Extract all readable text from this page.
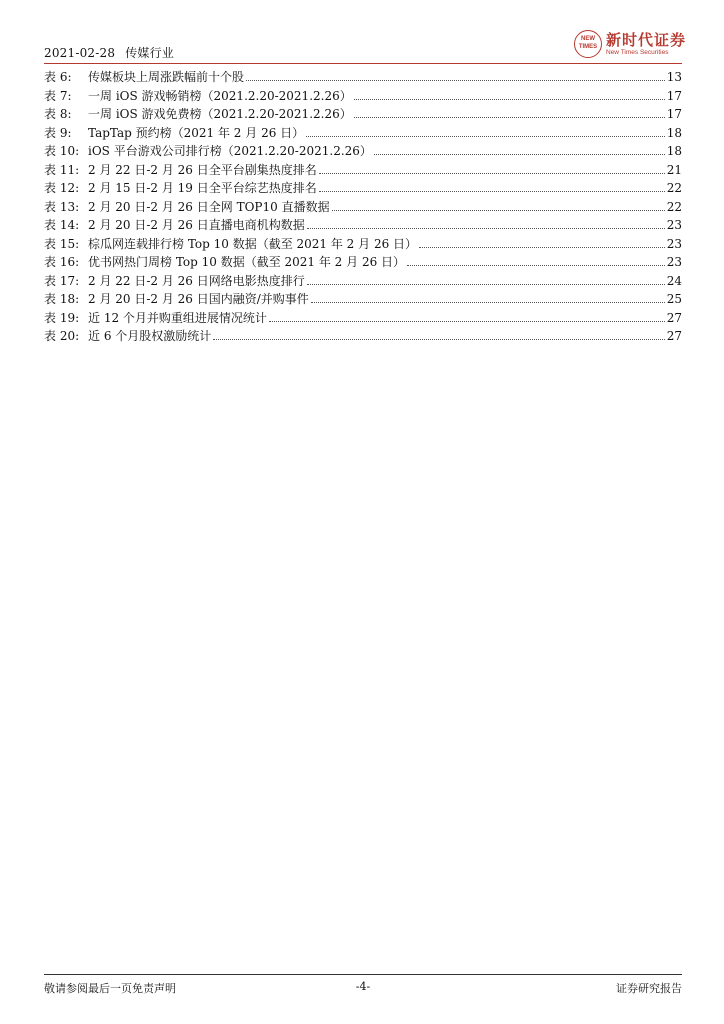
2021-02-28 传媒行业
NEW
TIMES 新时代证券
New Times Securities
表 6:	传媒板块上周涨跌幅前十个股	13
表 7:	一周 iOS 游戏畅销榜（2021.2.20-2021.2.26）	17
表 8:	一周 iOS 游戏免费榜（2021.2.20-2021.2.26）	17
表 9:	TapTap 预约榜（2021 年 2 月 26 日）	18
表 10: iOS 平台游戏公司排行榜（2021.2.20-2021.2.26）	18
表 11: 2 月 22 日-2 月 26 日全平台剧集热度排名	21
表 12: 2 月 15 日-2 月 19 日全平台综艺热度排名	22
表 13: 2 月 20 日-2 月 26 日全网 TOP10 直播数据	22
表 14: 2 月 20 日-2 月 26 日直播电商机构数据	23
表 15: 棕瓜网连载排行榜 Top 10 数据（截至 2021 年 2 月 26 日）	23
表 16: 优书网热门周榜 Top 10 数据（截至 2021 年 2 月 26 日）	23
表 17: 2 月 22 日-2 月 26 日网络电影热度排行	24
表 18: 2 月 20 日-2 月 26 日国内融资/并购事件	25
表 19: 近 12 个月并购重组进展情况统计	27
表 20: 近 6 个月股权激励统计	27
敬请参阅最后一页免责声明	-4-	证券研究报告
